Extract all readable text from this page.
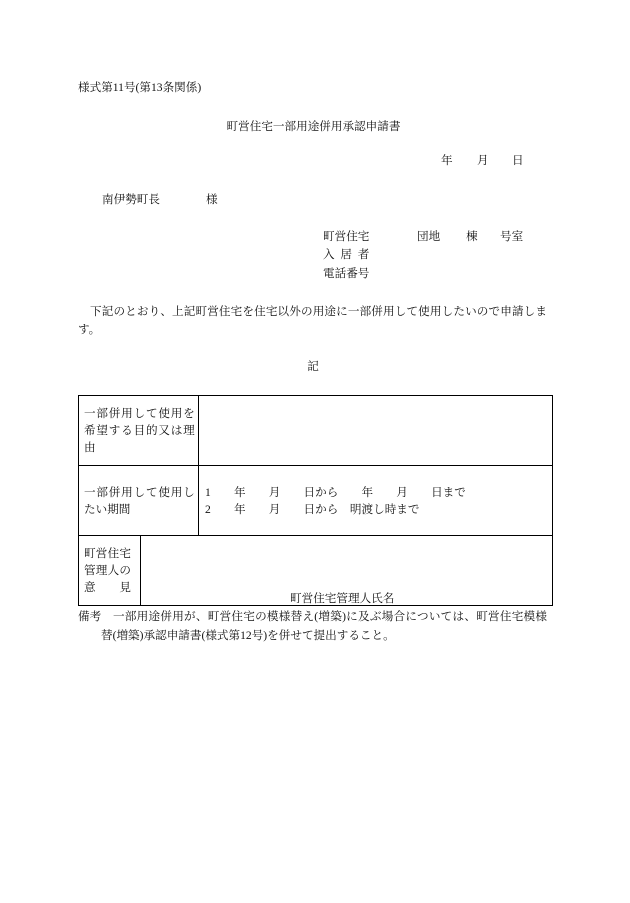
様式第11号(第13条関係)
町営住宅一部用途併用承認申請書
年 月 日
南伊勢町長	様
町営住宅	団地 棟 号室
入居者
電話番号
下記のとおり、上記町営住宅を住宅以外の用途に一部併用して使用したいので申請しま
す。
記
一部併用して使用を希望する目的又は理由
一部併用して使用したい期間
1　　年　　月　　日から　　年　　月　　日まで
2　　年　　月　　日から　明渡し時まで
町営住宅管理人の意見
町営住宅管理人氏名
備考 一部用途併用が、町営住宅の模様替え(増築)に及ぶ場合については、町営住宅模様
替(増築)承認申請書(様式第12号)を併せて提出すること。
